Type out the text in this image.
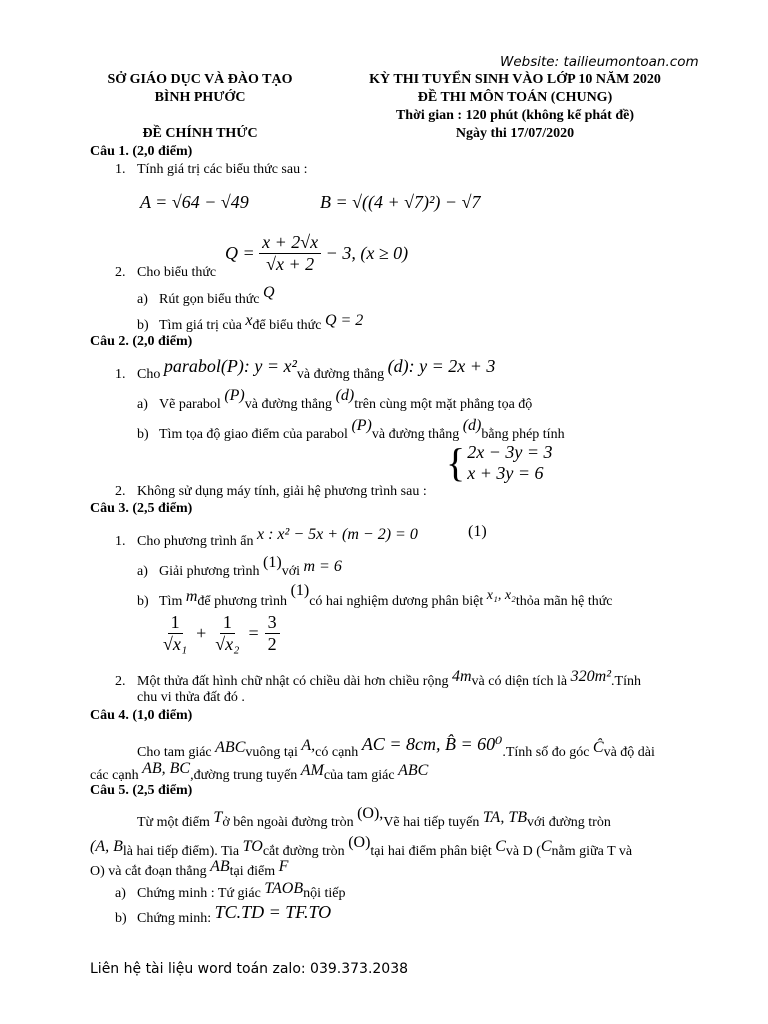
Website: tailieumontoan.com
SỞ GIÁO DỤC VÀ ĐÀO TẠO
BÌNH PHƯỚC
ĐỀ CHÍNH THỨC
KỲ THI TUYỂN SINH VÀO LỚP 10 NĂM 2020
ĐỀ THI MÔN TOÁN (CHUNG)
Thời gian : 120 phút (không kể phát đề)
Ngày thi 17/07/2020
Câu 1. (2,0 điểm)
1. Tính giá trị các biểu thức sau :
A = √64 − √49	B = √((4 + √7)²) − √7
Q =
$\frac{x + 2√x}{√x + 2}$
− 3, (x ≥ 0)
2. Cho biểu thức
a) Rút gọn biểu thức Q
b) Tìm giá trị của xđể biểu thức Q = 2
Câu 2. (2,0 điểm)
1. Cho parabol(P): y = x²và đường thẳng (d): y = 2x + 3
a) Vẽ parabol (P)và đường thẳng (d)trên cùng một mặt phẳng tọa độ
b) Tìm tọa độ giao điểm của parabol (P)và đường thẳng (d)bằng phép tính
{ 2x − 3y = 3
x + 3y = 6
2. Không sử dụng máy tính, giải hệ phương trình sau :
Câu 3. (2,5 điểm)
1. Cho phương trình ẩn x : x² − 5x + (m − 2) = 0	(1)
a) Giải phương trình (1)với m = 6
b) Tìm mđể phương trình (1)có hai nghiệm dương phân biệt x₁, x₂thỏa mãn hệ thức
$\frac{1}{\text{√x₁}} + \frac{1}{\text{√x₂}} = \frac{3}{2}$
2. Một thửa đất hình chữ nhật có chiều dài hơn chiều rộng 4mvà có diện tích là 320m².Tính
chu vi thửa đất đó .
Câu 4. (1,0 điểm)
Cho tam giác ABCvuông tại A,có cạnh AC = 8cm, B̂ = 60⁰.Tính số đo góc Ĉvà độ dài
các cạnh AB, BC,đường trung tuyến AMcủa tam giác ABC
Câu 5. (2,5 điểm)
Từ một điểm Tở bên ngoài đường tròn (O),Vẽ hai tiếp tuyến TA, TBvới đường tròn
(A, Blà hai tiếp điểm). Tia TOcắt đường tròn (O)tại hai điểm phân biệt Cvà D (Cnằm giữa T và
O) và cắt đoạn thẳng ABtại điểm F
a) Chứng minh : Tứ giác TAOBnội tiếp
b) Chứng minh: TC.TD = TF.TO
Liên hệ tài liệu word toán zalo: 039.373.2038
